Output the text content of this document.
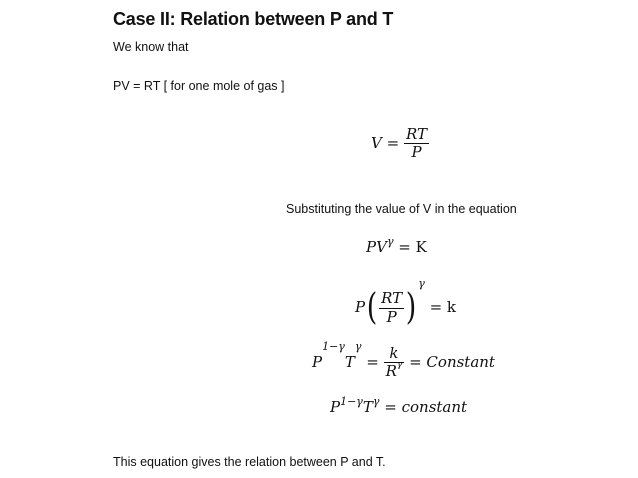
Case II: Relation between P and T

We know that

PV = RT [ for one mole of gas ]

$V = \frac{RT}{P}$

Substituting the value of V in the equation

$PV^\gamma = K$
$P( \frac{RT}{P} )^\gamma = k$
$P^{1-\gamma}T^\gamma = \frac{k}{R^\gamma}$ = Constant
$P^{1-\gamma}T^\gamma$ = constant

This equation gives the relation between P and T.
